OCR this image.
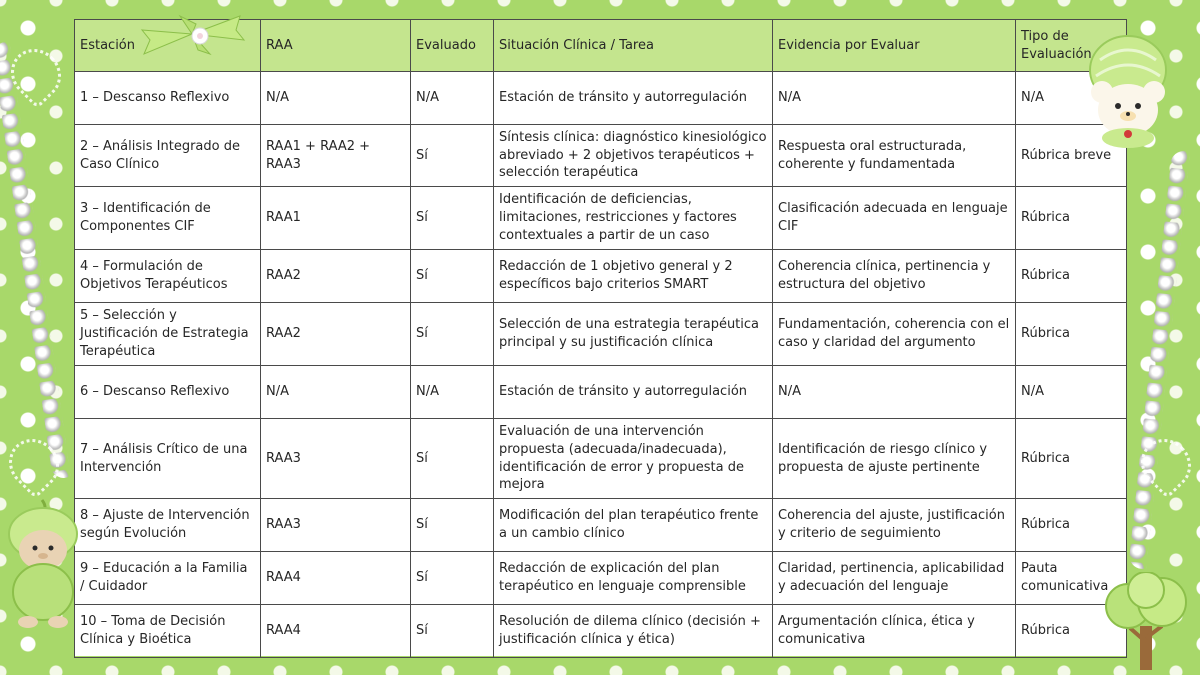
Estación	RAA	Evaluado	Situación Clínica / Tarea	Evidencia por Evaluar	Tipo de Evaluación
1 – Descanso Reflexivo	N/A	N/A	Estación de tránsito y autorregulación	N/A	N/A
2 – Análisis Integrado de Caso Clínico	RAA1 + RAA2 + RAA3	Sí	Síntesis clínica: diagnóstico kinesiológico abreviado + 2 objetivos terapéuticos + selección terapéutica	Respuesta oral estructurada, coherente y fundamentada	Rúbrica breve
3 – Identificación de Componentes CIF	RAA1	Sí	Identificación de deficiencias, limitaciones, restricciones y factores contextuales a partir de un caso	Clasificación adecuada en lenguaje CIF	Rúbrica
4 – Formulación de Objetivos Terapéuticos	RAA2	Sí	Redacción de 1 objetivo general y 2 específicos bajo criterios SMART	Coherencia clínica, pertinencia y estructura del objetivo	Rúbrica
5 – Selección y Justificación de Estrategia Terapéutica	RAA2	Sí	Selección de una estrategia terapéutica principal y su justificación clínica	Fundamentación, coherencia con el caso y claridad del argumento	Rúbrica
6 – Descanso Reflexivo	N/A	N/A	Estación de tránsito y autorregulación	N/A	N/A
7 – Análisis Crítico de una Intervención	RAA3	Sí	Evaluación de una intervención propuesta (adecuada/inadecuada), identificación de error y propuesta de mejora	Identificación de riesgo clínico y propuesta de ajuste pertinente	Rúbrica
8 – Ajuste de Intervención según Evolución	RAA3	Sí	Modificación del plan terapéutico frente a un cambio clínico	Coherencia del ajuste, justificación y criterio de seguimiento	Rúbrica
9 – Educación a la Familia / Cuidador	RAA4	Sí	Redacción de explicación del plan terapéutico en lenguaje comprensible	Claridad, pertinencia, aplicabilidad y adecuación del lenguaje	Pauta comunicativa
10 – Toma de Decisión Clínica y Bioética	RAA4	Sí	Resolución de dilema clínico (decisión + justificación clínica y ética)	Argumentación clínica, ética y comunicativa	Rúbrica
